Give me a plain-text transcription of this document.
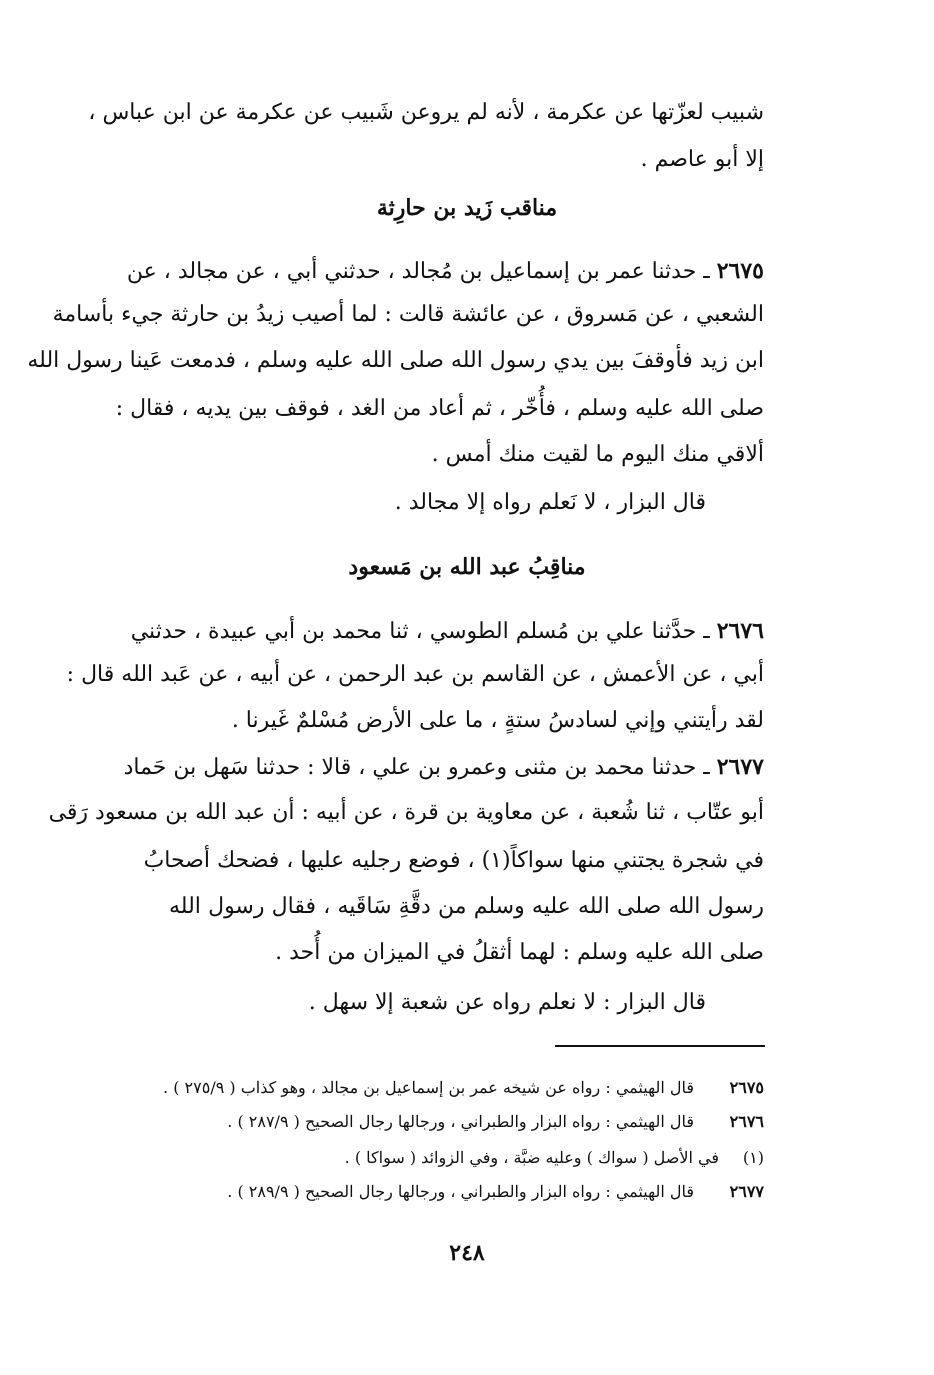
شبيب لعزّتها عن عكرمة ، لأنه لم يروعن شَبيب عن عكرمة عن ابن عباس ،
إلا أبو عاصم .
مناقب زَيد بن حارِثة
٢٦٧٥ ـ حدثنا عمر بن إسماعيل بن مُجالد ، حدثني أبي ، عن مجالد ، عن
الشعبي ، عن مَسروق ، عن عائشة قالت : لما أصيب زيدُ بن حارثة جيء بأسامة
ابن زيد فأوقفَ بين يدي رسول الله صلى الله عليه وسلم ، فدمعت عَينا رسول الله
صلى الله عليه وسلم ، فأُخّر ، ثم أعاد من الغد ، فوقف بين يديه ، فقال :
ألاقي منك اليوم ما لقيت منك أمس .
قال البزار ، لا نَعلم رواه إلا مجالد .
مناقِبُ عبد الله بن مَسعود
٢٦٧٦ ـ حدَّثنا علي بن مُسلم الطوسي ، ثنا محمد بن أبي عبيدة ، حدثني
أبي ، عن الأعمش ، عن القاسم بن عبد الرحمن ، عن أبيه ، عن عَبد الله قال :
لقد رأيتني وإني لسادسُ ستةٍ ، ما على الأرض مُسْلمٌ غَيرنا .
٢٦٧٧ ـ حدثنا محمد بن مثنى وعمرو بن علي ، قالا : حدثنا سَهل بن حَماد
أبو عتّاب ، ثنا شُعبة ، عن معاوية بن قرة ، عن أبيه : أن عبد الله بن مسعود رَقى
في شجرة يجتني منها سواكاً(١) ، فوضع رجليه عليها ، فضحك أصحابُ
رسول الله صلى الله عليه وسلم من دقَّةِ سَاقَيه ، فقال رسول الله
صلى الله عليه وسلم : لهما أثقلُ في الميزان من أُحد .
قال البزار : لا نعلم رواه عن شعبة إلا سهل .
٢٦٧٥قال الهيثمي : رواه عن شيخه عمر بن إسماعيل بن مجالد ، وهو كذاب ( ٢٧٥/٩ ) .
٢٦٧٦قال الهيثمي : رواه البزار والطبراني ، ورجالها رجال الصحيح ( ٢٨٧/٩ ) .
(١)في الأصل ( سواك ) وعليه ضبَّة ، وفي الزوائد ( سواكا ) .
٢٦٧٧قال الهيثمي : رواه البزار والطبراني ، ورجالها رجال الصحيح ( ٢٨٩/٩ ) .
٢٤٨
